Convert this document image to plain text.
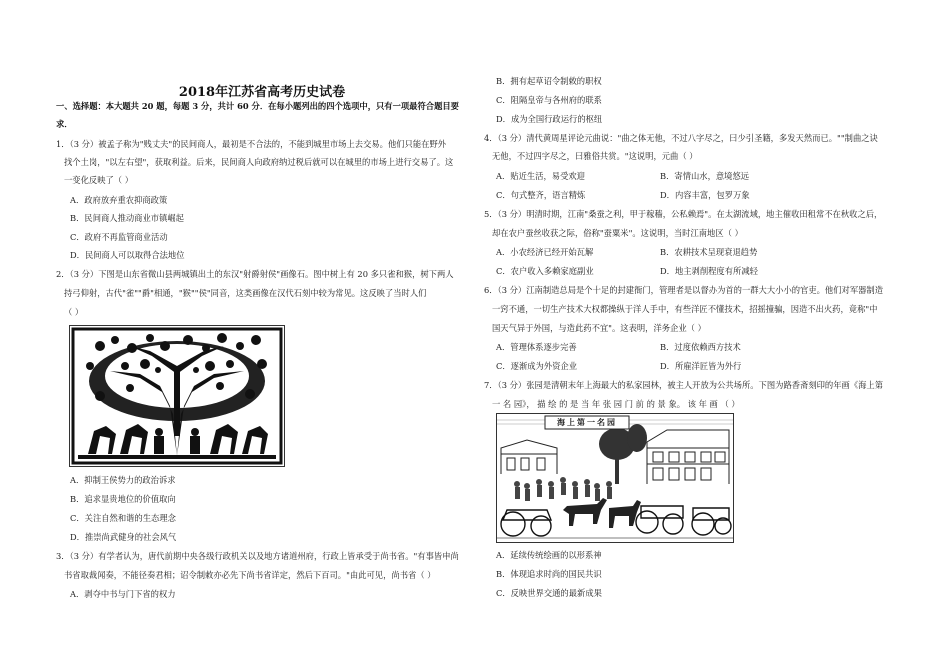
2018年江苏省高考历史试卷
一、选择题：本大题共 20 题，每题 3 分，共计 60 分．在每小题列出的四个选项中，只有一项最符合题目要
求．
1．（3 分）被孟子称为"贱丈夫"的民间商人，最初是不合法的，不能到城里市场上去交易。他们只能在野外
找个土岗，"以左右望"，获取利益。后来，民间商人向政府纳过税后就可以在城里的市场上进行交易了。这
一变化反映了（ ）
A．政府放弃重农抑商政策
B．民间商人推动商业市镇崛起
C．政府不再监管商业活动
D．民间商人可以取得合法地位
2．（3 分）下图是山东省微山县两城镇出土的东汉"射爵射侯"画像石。图中树上有 20 多只雀和猴，树下两人
持弓仰射，古代"雀""爵"相通，"猴""侯"同音，这类画像在汉代石刻中较为常见。这反映了当时人们
（ ）
A．抑制王侯势力的政治诉求
B．追求显贵地位的价值取向
C．关注自然和谐的生态理念
D．推崇尚武健身的社会风气
3．（3 分）有学者认为，唐代前期中央各级行政机关以及地方诸道州府，行政上皆承受于尚书省。"有事皆申尚
书省取裁闻奏，不能径奏君相；诏令制敕亦必先下尚书省详定，然后下百司。"由此可见，尚书省（ ）
A．剥夺中书与门下省的权力
B．拥有起草诏令制敕的职权
C．阻隔皇帝与各州府的联系
D．成为全国行政运行的枢纽
4．（3 分）清代黄周星评论元曲说："曲之体无他，不过八字尽之，曰少引圣籍，多发天然而已。""制曲之诀
无他，不过四字尽之，曰雅俗共赏。"这说明，元曲（ ）
A．贴近生活，易受欢迎	B．寄情山水，意境悠远
C．句式整齐，语言精炼	D．内容丰富，包罗万象
5．（3 分）明清时期，江南"桑蚕之利，甲于稼穑，公私赖焉"。在太湖流域，地主催收田租常不在秋收之后，
却在农户蚕丝收获之际，俗称"蚕粟米"。这说明，当时江南地区（ ）
A．小农经济已经开始瓦解	B．农耕技术呈现衰退趋势
C．农户收入多赖家庭副业	D．地主剥削程度有所减轻
6．（3 分）江南制造总局是个十足的封建衙门，管理者是以督办为首的一群大大小小的官吏。他们对军器制造
一窍不通，一切生产技术大权都操纵于洋人手中，有些洋匠不懂技术，招摇撞骗，因造不出火药，竟称"中
国天气异于外国，与造此药不宜"。这表明，洋务企业（ ）
A．管理体系逐步完善	B．过度依赖西方技术
C．逐渐成为外资企业	D．所雇洋匠皆为外行
7．（3 分）张园是清朝末年上海最大的私家园林，被主人开放为公共场所。下图为路香斋刻印的年画《海上第
一 名 园》， 描 绘 的 是 当 年 张 园 门 前 的 景 象。 该 年 画 （ ）
海上第一名园
A．延续传统绘画的以形系神
B．体现追求时尚的国民共识
C．反映世界交通的最新成果
